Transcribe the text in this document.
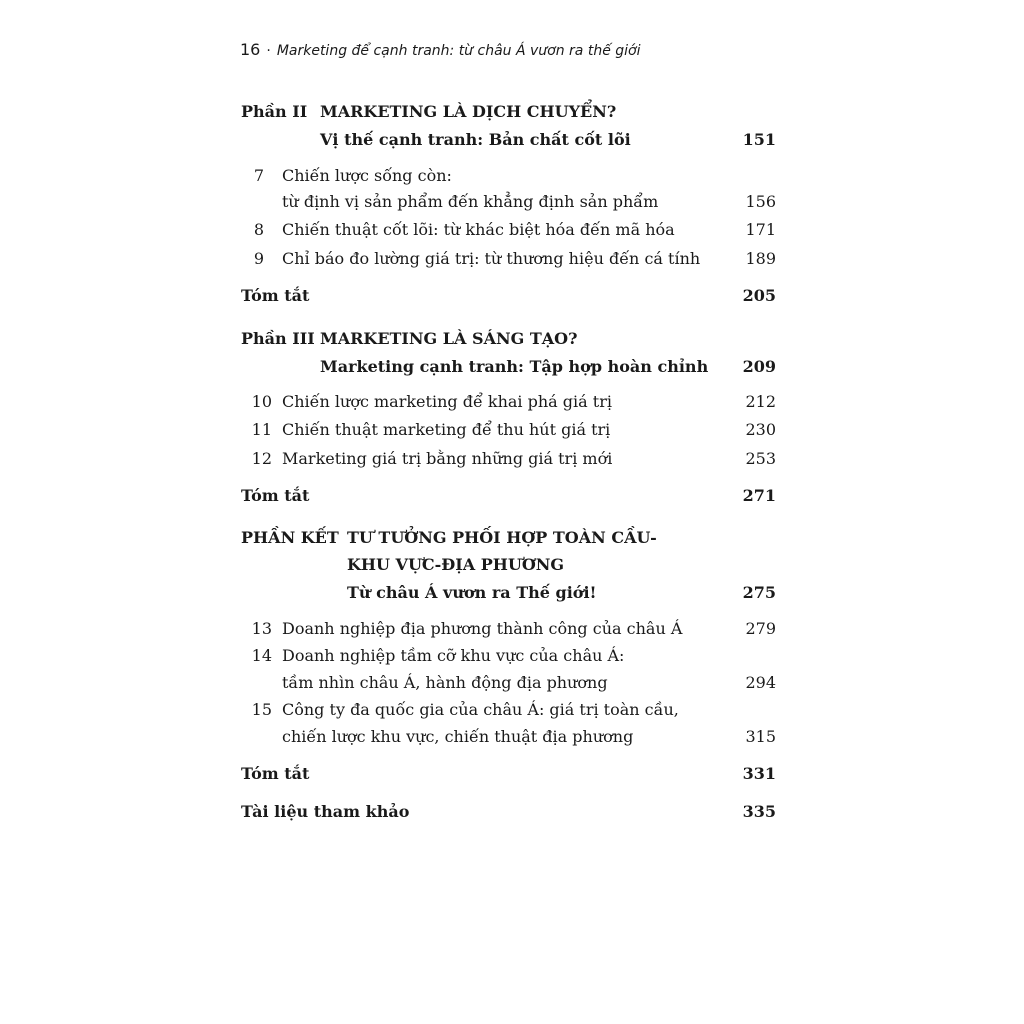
16 · Marketing để cạnh tranh: từ châu Á vươn ra thế giới
Phần II MARKETING LÀ DỊCH CHUYỂN?
Vị thế cạnh tranh: Bản chất cốt lõi	151
7 Chiến lược sống còn:
từ định vị sản phẩm đến khẳng định sản phẩm	156
8 Chiến thuật cốt lõi: từ khác biệt hóa đến mã hóa	171
9 Chỉ báo đo lường giá trị: từ thương hiệu đến cá tính	189
Tóm tắt	205
Phần III MARKETING LÀ SÁNG TẠO?
Marketing cạnh tranh: Tập hợp hoàn chỉnh	209
10 Chiến lược marketing để khai phá giá trị	212
11 Chiến thuật marketing để thu hút giá trị	230
12 Marketing giá trị bằng những giá trị mới	253
Tóm tắt	271
PHẦN KẾT TƯ TƯỞNG PHỐI HỢP TOÀN CẦU-
KHU VỰC-ĐỊA PHƯƠNG
Từ châu Á vươn ra Thế giới!	275
13 Doanh nghiệp địa phương thành công của châu Á	279
14 Doanh nghiệp tầm cỡ khu vực của châu Á:
tầm nhìn châu Á, hành động địa phương	294
15 Công ty đa quốc gia của châu Á: giá trị toàn cầu,
chiến lược khu vực, chiến thuật địa phương	315
Tóm tắt	331
Tài liệu tham khảo	335
